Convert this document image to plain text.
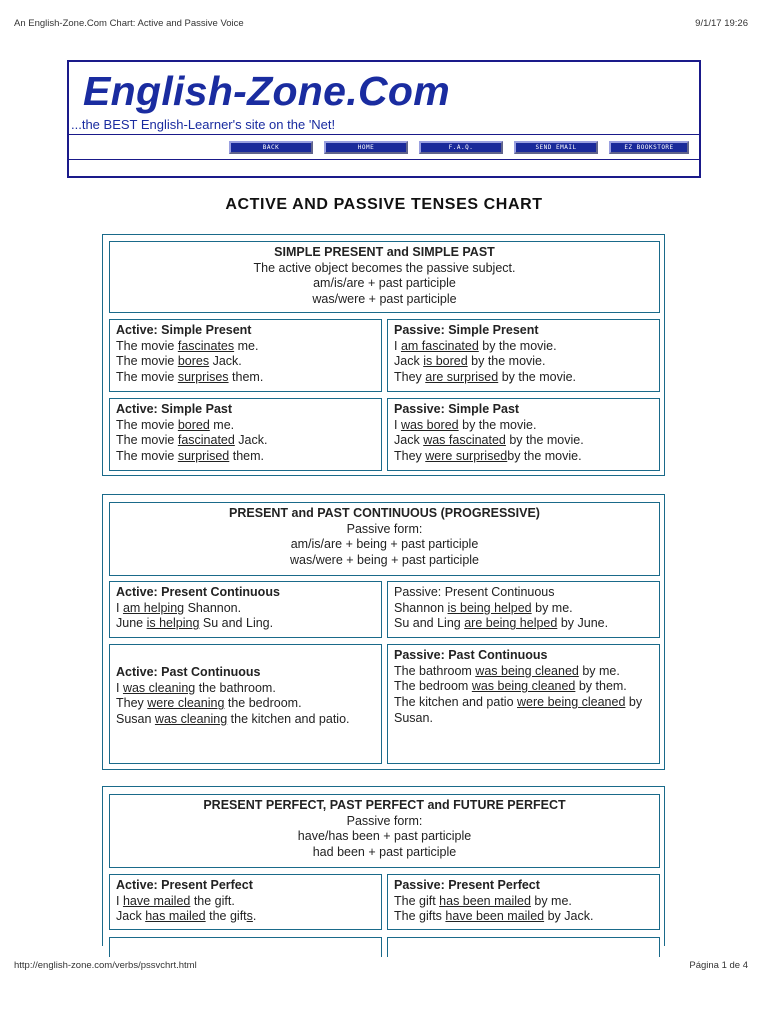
An English-Zone.Com Chart: Active and Passive Voice	9/1/17 19:26
English-Zone.Com
...the BEST English-Learner's site on the 'Net!
BACK	HOME	F.A.Q.	SEND EMAIL	EZ BOOKSTORE
ACTIVE AND PASSIVE TENSES CHART
SIMPLE PRESENT and SIMPLE PAST
The active object becomes the passive subject.
am/is/are + past participle
was/were + past participle
Active: Simple Present
The movie fascinates me.
The movie bores Jack.
The movie surprises them.
Passive: Simple Present
I am fascinated by the movie.
Jack is bored by the movie.
They are surprised by the movie.
Active: Simple Past
The movie bored me.
The movie fascinated Jack.
The movie surprised them.
Passive: Simple Past
I was bored by the movie.
Jack was fascinated by the movie.
They were surprisedby the movie.
PRESENT and PAST CONTINUOUS (PROGRESSIVE)
Passive form:
am/is/are + being + past participle
was/were + being + past participle
Active: Present Continuous
I am helping Shannon.
June is helping Su and Ling.
Passive: Present Continuous
Shannon is being helped by me.
Su and Ling are being helped by June.
Active: Past Continuous
I was cleaning the bathroom.
They were cleaning the bedroom.
Susan was cleaning the kitchen and patio.
Passive: Past Continuous
The bathroom was being cleaned by me.
The bedroom was being cleaned by them.
The kitchen and patio were being cleaned by Susan.
PRESENT PERFECT, PAST PERFECT and FUTURE PERFECT
Passive form:
have/has been + past participle
had been + past participle
Active: Present Perfect
I have mailed the gift.
Jack has mailed the gifts.
Passive: Present Perfect
The gift has been mailed by me.
The gifts have been mailed by Jack.
http://english-zone.com/verbs/pssvchrt.html	Página 1 de 4
